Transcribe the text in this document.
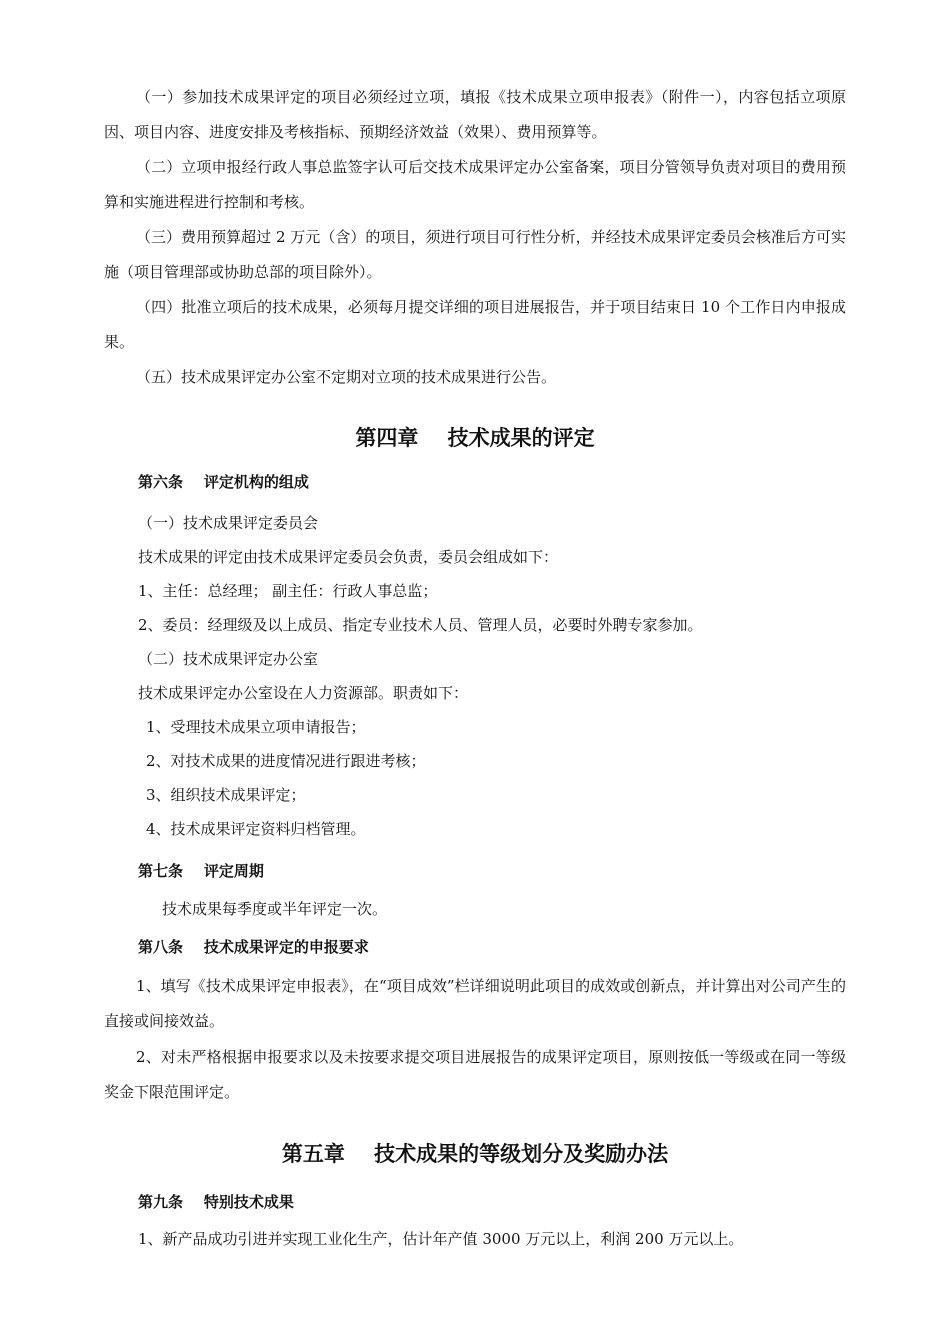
（一）参加技术成果评定的项目必须经过立项，填报《技术成果立项申报表》（附件一），内容包括立项原因、项目内容、进度安排及考核指标、预期经济效益（效果）、费用预算等。

（二）立项申报经行政人事总监签字认可后交技术成果评定办公室备案，项目分管领导负责对项目的费用预算和实施进程进行控制和考核。

（三）费用预算超过 2 万元（含）的项目，须进行项目可行性分析，并经技术成果评定委员会核准后方可实施（项目管理部或协助总部的项目除外）。

（四）批准立项后的技术成果，必须每月提交详细的项目进展报告，并于项目结束日 10 个工作日内申报成果。

（五）技术成果评定办公室不定期对立项的技术成果进行公告。

第四章    技术成果的评定
第六条    评定机构的组成

（一）技术成果评定委员会

技术成果的评定由技术成果评定委员会负责，委员会组成如下：

1、主任：总经理； 副主任：行政人事总监；

2、委员：经理级及以上成员、指定专业技术人员、管理人员，必要时外聘专家参加。

（二）技术成果评定办公室

技术成果评定办公室设在人力资源部。职责如下：

1、受理技术成果立项申请报告；

2、对技术成果的进度情况进行跟进考核；

3、组织技术成果评定；

4、技术成果评定资料归档管理。

第七条    评定周期

技术成果每季度或半年评定一次。

第八条    技术成果评定的申报要求

1、填写《技术成果评定申报表》，在“项目成效”栏详细说明此项目的成效或创新点，并计算出对公司产生的直接或间接效益。

2、对未严格根据申报要求以及未按要求提交项目进展报告的成果评定项目，原则按低一等级或在同一等级奖金下限范围评定。

第五章    技术成果的等级划分及奖励办法
第九条    特别技术成果

1、新产品成功引进并实现工业化生产，估计年产值 3000 万元以上，利润 200 万元以上。
